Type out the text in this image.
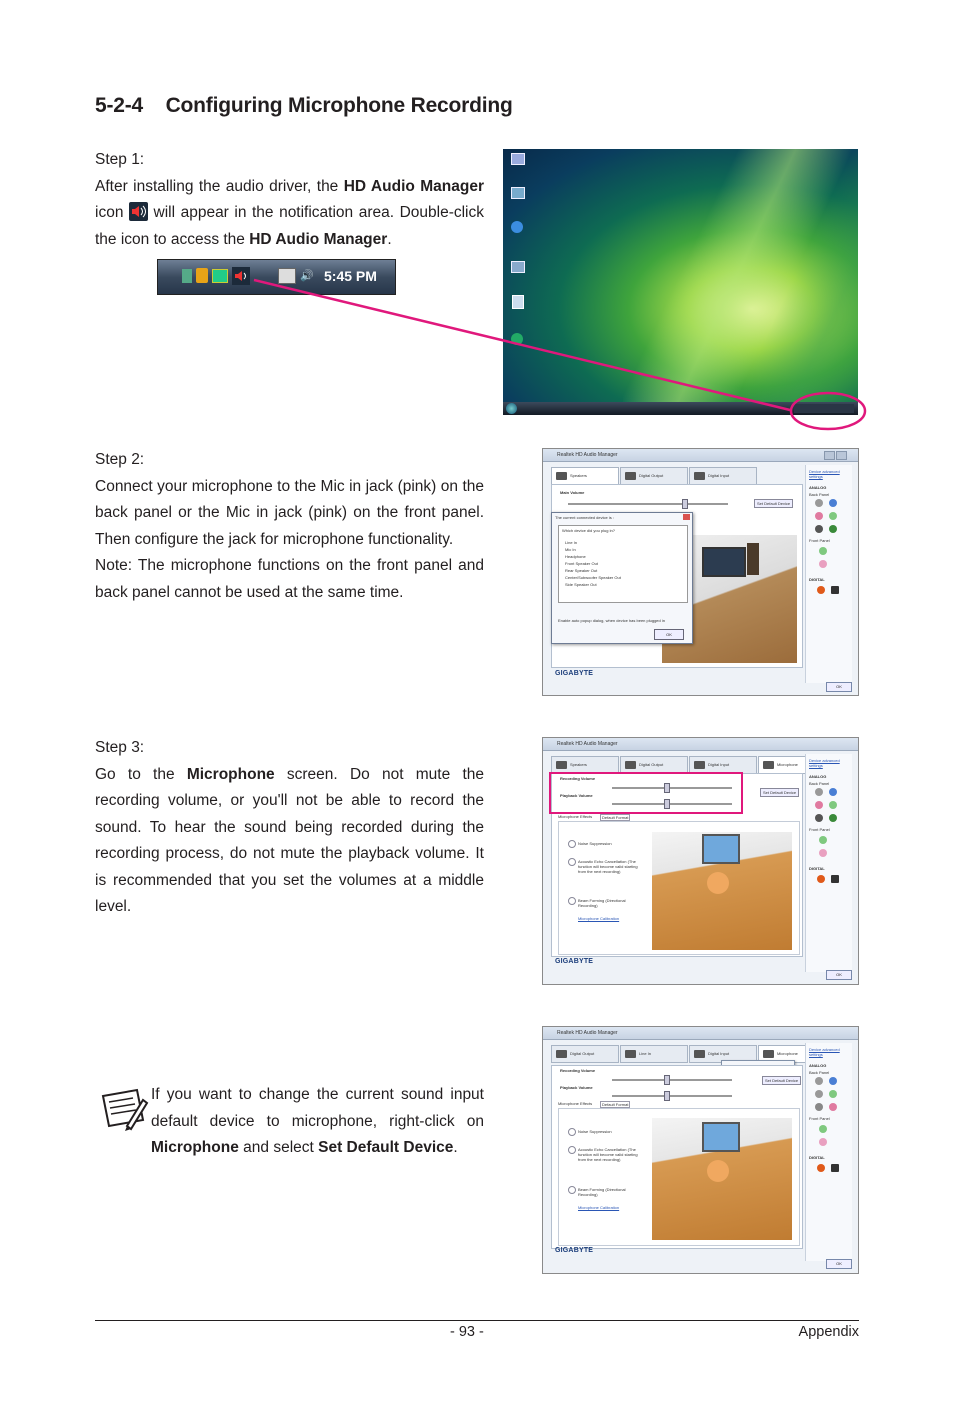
5-2-4 Configuring Microphone Recording

Step 1:

After installing the audio driver, the HD Audio Manager icon  will appear in the notification area. Double-click the icon to access the HD Audio Manager.

🔊 5:45 PM

Step 2:

Connect your microphone to the Mic in jack (pink) on the back panel or the Mic in jack (pink) on the front panel. Then configure the jack for microphone functionality.

Note: The microphone functions on the front panel and back panel cannot be used at the same time.

Realtek HD Audio Manager
Speakers	Digital Output	Digital Input
Main Volume
Set Default Device
The current connected device is :
Which device did you plug in?
Line In
Mic In
Headphone
Front Speaker Out
Rear Speaker Out
Center/Subwoofer Speaker Out
Side Speaker Out
Enable auto popup dialog, when device has been plugged in
OK
Device advanced settings
ANALOG
Back Panel

Front Panel

DIGITAL
GIGABYTE
OK

Step 3:

Go to the Microphone screen. Do not mute the recording volume, or you'll not be able to record the sound. To hear the sound being recorded during the recording process, do not mute the playback volume. It is recommended that you set the volumes at a middle level.

Realtek HD Audio Manager
Speakers	Digital Output	Digital Input	Microphone
Recording Volume
Playback Volume
Set Default Device
Microphone Effects	Default Format
Noise Suppression
Acoustic Echo Cancellation (The function will become valid starting from the next recording)
Beam Forming (Directional Recording)
Microphone Calibration
Device advanced settings
ANALOG
Back Panel

Front Panel

DIGITAL
GIGABYTE
OK

If you want to change the current sound input default device to microphone, right-click on Microphone and select Set Default Device.

Realtek HD Audio Manager
Digital Output	Line In	Digital Input	Microphone
Recording Volume
Playback Volume
Set Default Device
Microphone Effects	Default Format
Noise Suppression
Acoustic Echo Cancellation (The function will become valid starting from the next recording)
Beam Forming (Directional Recording)
Microphone Calibration
Device advanced settings
ANALOG
Back Panel

Front Panel

DIGITAL
GIGABYTE
OK
- 93 -	Appendix
